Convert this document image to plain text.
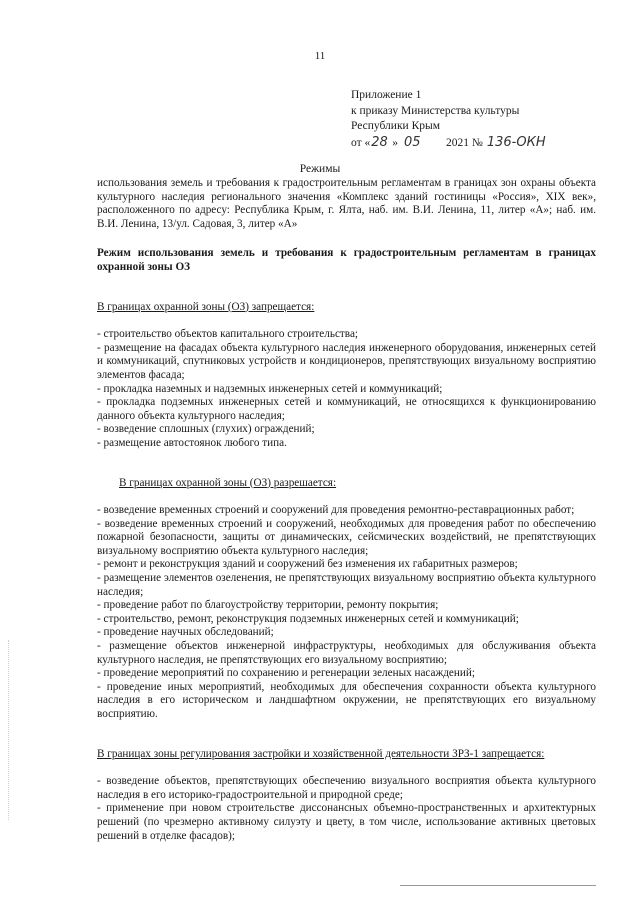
11
Приложение 1
к приказу Министерства культуры
Республики Крым
от «28 » 05 2021 № 136-ОКН
Режимы

использования земель и требования к градостроительным регламентам в границах зон охраны объекта культурного наследия регионального значения «Комплекс зданий гостиницы «Россия», XIX век», расположенного по адресу: Республика Крым, г. Ялта, наб. им. В.И. Ленина, 11, литер «А»; наб. им. В.И. Ленина, 13/ул. Садовая, 3, литер «А»

Режим использования земель и требования к градостроительным регламентам в границах охранной зоны ОЗ

В границах охранной зоны (ОЗ) запрещается:

- строительство объектов капитального строительства;

- размещение на фасадах объекта культурного наследия инженерного оборудования, инженерных сетей и коммуникаций, спутниковых устройств и кондиционеров, препятствующих визуальному восприятию элементов фасада;

- прокладка наземных и надземных инженерных сетей и коммуникаций;

- прокладка подземных инженерных сетей и коммуникаций, не относящихся к функционированию данного объекта культурного наследия;

- возведение сплошных (глухих) ограждений;

- размещение автостоянок любого типа.

В границах охранной зоны (ОЗ) разрешается:

- возведение временных строений и сооружений для проведения ремонтно-реставрационных работ;

- возведение временных строений и сооружений, необходимых для проведения работ по обеспечению пожарной безопасности, защиты от динамических, сейсмических воздействий, не препятствующих визуальному восприятию объекта культурного наследия;

- ремонт и реконструкция зданий и сооружений без изменения их габаритных размеров;

- размещение элементов озеленения, не препятствующих визуальному восприятию объекта культурного наследия;

- проведение работ по благоустройству территории, ремонту покрытия;

- строительство, ремонт, реконструкция подземных инженерных сетей и коммуникаций;

- проведение научных обследований;

- размещение объектов инженерной инфраструктуры, необходимых для обслуживания объекта культурного наследия, не препятствующих его визуальному восприятию;

- проведение мероприятий по сохранению и регенерации зеленых насаждений;

- проведение иных мероприятий, необходимых для обеспечения сохранности объекта культурного наследия в его историческом и ландшафтном окружении, не препятствующих его визуальному восприятию.

В границах зоны регулирования застройки и хозяйственной деятельности ЗРЗ-1 запрещается:

- возведение объектов, препятствующих обеспечению визуального восприятия объекта культурного наследия в его историко-градостроительной и природной среде;

- применение при новом строительстве диссонансных объемно-пространственных и архитектурных решений (по чрезмерно активному силуэту и цвету, в том числе, использование активных цветовых решений в отделке фасадов);
